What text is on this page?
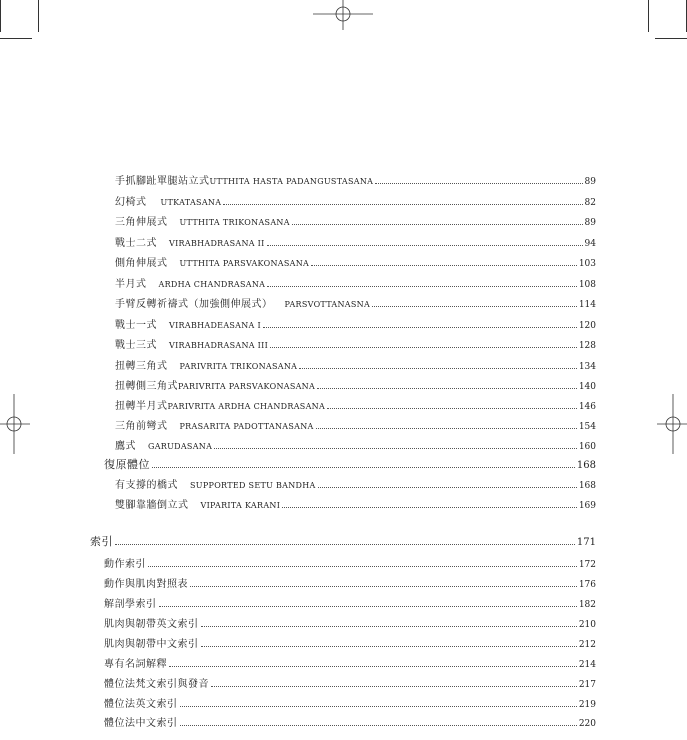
手抓腳趾單腿站立式 UTTHITA HASTA PADANGUSTASANA	89
幻椅式 UTKATASANA	82
三角伸展式 UTTHITA TRIKONASANA	89
戰士二式 VIRABHADRASANA II	94
側角伸展式 UTTHITA PARSVAKONASANA	103
半月式 ARDHA CHANDRASANA	108
手臂反轉祈禱式（加強側伸展式） PARSVOTTANASNA	114
戰士一式 VIRABHADEASANA I	120
戰士三式 VIRABHADRASANA III	128
扭轉三角式 PARIVRITA TRIKONASANA	134
扭轉側三角式 PARIVRITA PARSVAKONASANA	140
扭轉半月式 PARIVRITA ARDHA CHANDRASANA	146
三角前彎式 PRASARITA PADOTTANASANA	154
鷹式 GARUDASANA	160
復原體位	168
有支撐的橋式 SUPPORTED SETU BANDHA	168
雙腳靠牆倒立式 VIPARITA KARANI	169
索引	171
動作索引	172
動作與肌肉對照表	176
解剖學索引	182
肌肉與韌帶英文索引	210
肌肉與韌帶中文索引	212
專有名詞解釋	214
體位法梵文索引與發音	217
體位法英文索引	219
體位法中文索引	220
